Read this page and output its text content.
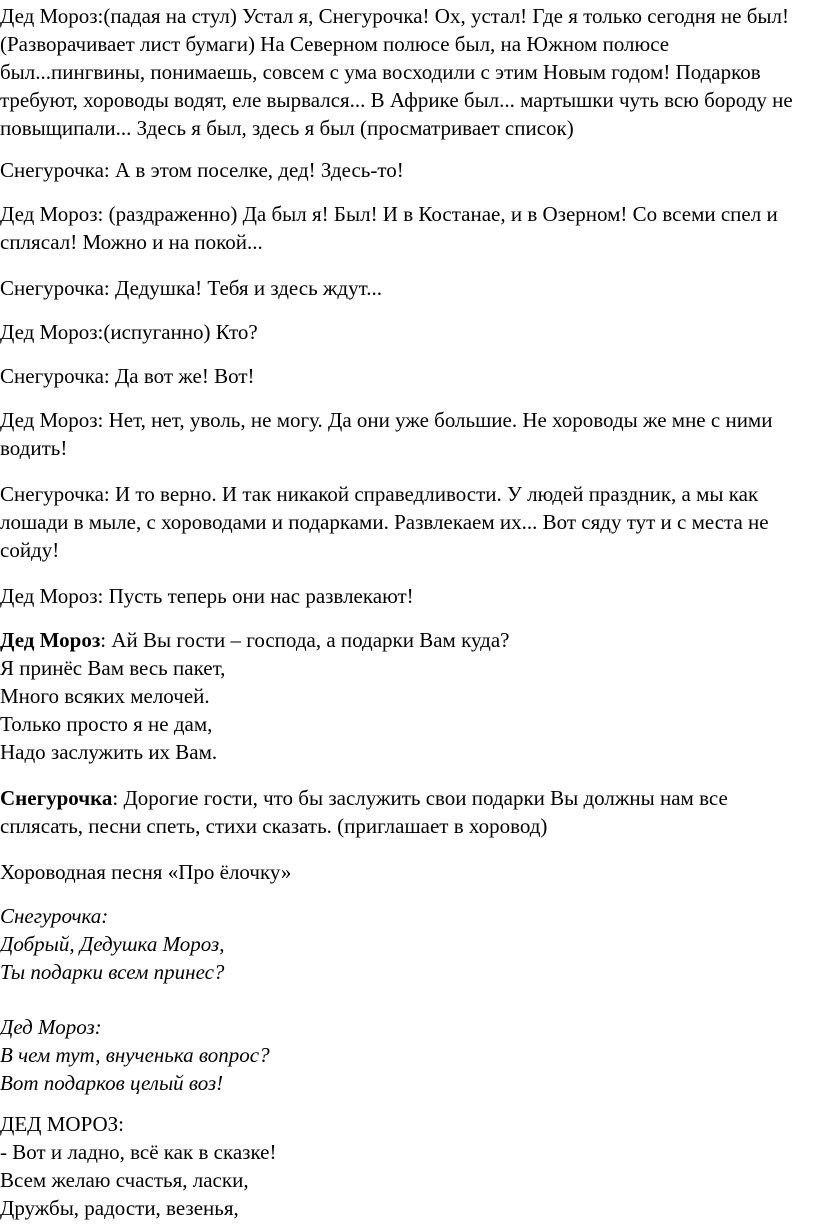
Дед Мороз:(падая на стул) Устал я, Снегурочка! Ох, устал! Где я только сегодня не был!
(Разворачивает лист бумаги) На Северном полюсе был, на Южном полюсе
был...пингвины, понимаешь, совсем с ума восходили с этим Новым годом! Подарков
требуют, хороводы водят, еле вырвался... В Африке был... мартышки чуть всю бороду не
повыщипали... Здесь я был, здесь я был (просматривает список)
Снегурочка: А в этом поселке, дед! Здесь-то!
Дед Мороз: (раздраженно) Да был я! Был! И в Костанае, и в Озерном! Со всеми спел и
сплясал! Можно и на покой...
Снегурочка: Дедушка! Тебя и здесь ждут...
Дед Мороз:(испуганно) Кто?
Снегурочка: Да вот же! Вот!
Дед Мороз: Нет, нет, уволь, не могу. Да они уже большие. Не хороводы же мне с ними
водить!
Снегурочка: И то верно. И так никакой справедливости. У людей праздник, а мы как
лошади в мыле, с хороводами и подарками. Развлекаем их... Вот сяду тут и с места не
сойду!
Дед Мороз: Пусть теперь они нас развлекают!
Дед Мороз: Ай Вы гости – господа, а подарки Вам куда?
Я принёс Вам весь пакет,
Много всяких мелочей.
Только просто я не дам,
Надо заслужить их Вам.
Снегурочка: Дорогие гости, что бы заслужить свои подарки Вы должны нам все
сплясать, песни спеть, стихи сказать. (приглашает в хоровод)
Хороводная песня «Про ёлочку»
Снегурочка:
Добрый, Дедушка Мороз,
Ты подарки всем принес?
Дед Мороз:
В чем тут, внученька вопрос?
Вот подарков целый воз!
ДЕД МОРОЗ:
- Вот и ладно, всё как в сказке!
Всем желаю счастья, ласки,
Дружбы, радости, везенья,
